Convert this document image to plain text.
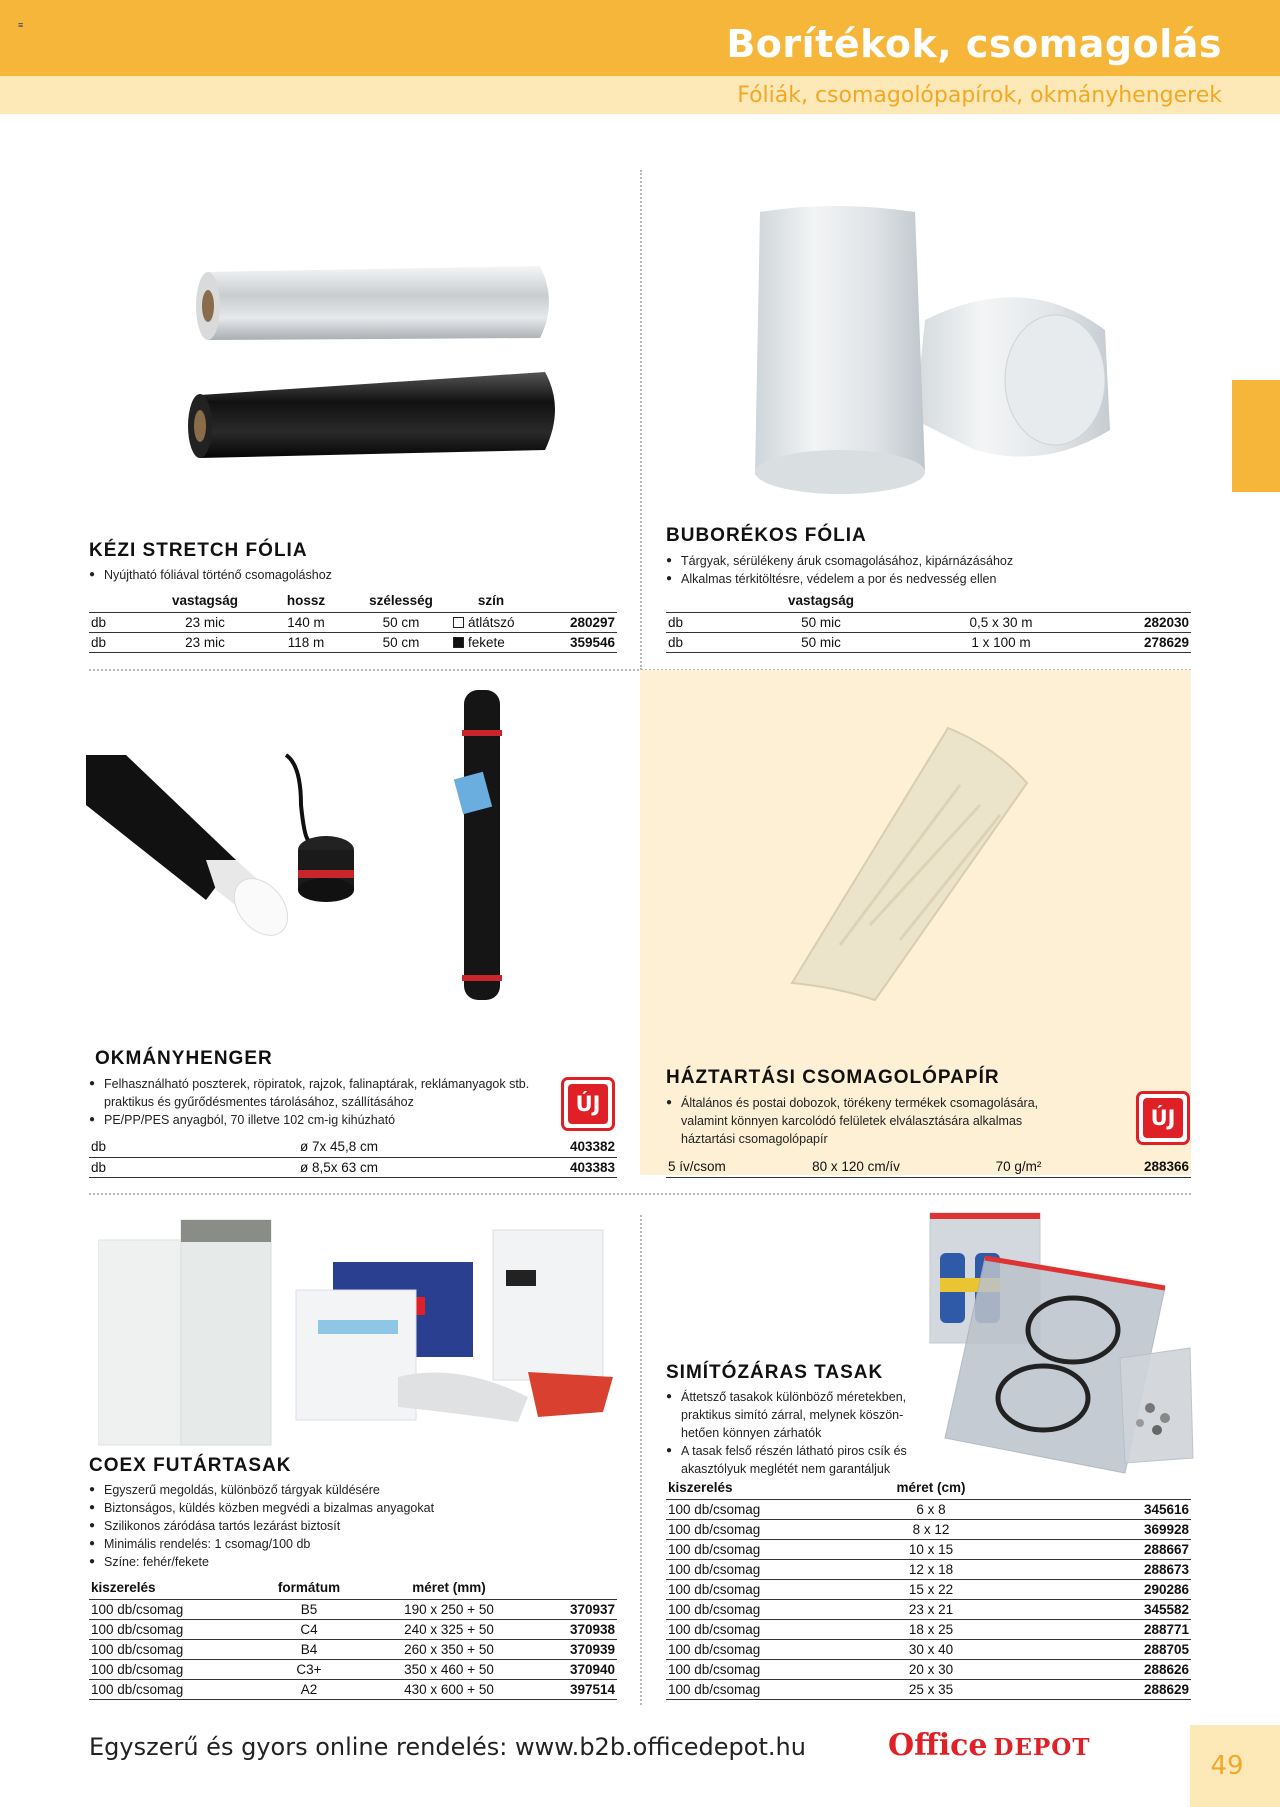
≡	Borítékok, csomagolás
Fóliák, csomagolópapírok, okmányhengerek
KÉZI STRETCH FÓLIA
● Nyújtható fóliával történő csomagoláshoz
	vastagság	hossz	szélesség	szín	
db	23 mic	140 m	50 cm	átlátszó	280297
db	23 mic	118 m	50 cm	fekete	359546
BUBORÉKOS FÓLIA
● Tárgyak, sérülékeny áruk csomagolásához, kipárnázásához
● Alkalmas térkitöltésre, védelem a por és nedvesség ellen
	vastagság		
db	50 mic	0,5 x 30 m	282030
db	50 mic	1 x 100 m	278629
OKMÁNYHENGER
● Felhasználható poszterek, röpiratok, rajzok, falinaptárak, reklámanyagok stb. praktikus és gyűrődésmentes tárolásához, szállításához
● PE/PP/PES anyagból, 70 illetve 102 cm-ig kihúzható
ÚJ
db	ø 7x 45,8 cm		403382
db	ø 8,5x 63 cm		403383
HÁZTARTÁSI CSOMAGOLÓPAPÍR
● Általános és postai dobozok, törékeny termékek csomagolására, valamint könnyen karcolódó felületek elválasztására alkalmas háztartási csomagolópapír
ÚJ
5 ív/csom	80 x 120 cm/ív	70 g/m²	288366
COEX FUTÁRTASAK
● Egyszerű megoldás, különböző tárgyak küldésére
● Biztonságos, küldés közben megvédi a bizalmas anyagokat
● Szilikonos záródása tartós lezárást biztosít
● Minimális rendelés: 1 csomag/100 db
● Színe: fehér/fekete
kiszerelés	formátum	méret (mm)	
100 db/csomag	B5	190 x 250 + 50	370937
100 db/csomag	C4	240 x 325 + 50	370938
100 db/csomag	B4	260 x 350 + 50	370939
100 db/csomag	C3+	350 x 460 + 50	370940
100 db/csomag	A2	430 x 600 + 50	397514
SIMÍTÓZÁRAS TASAK
● Áttetsző tasakok különböző méretekben, praktikus simító zárral, melynek köszön-hetően könnyen zárhatók
● A tasak felső részén látható piros csík és akasztólyuk meglétét nem garantáljuk
kiszerelés	méret (cm)		
100 db/csomag	6 x 8		345616
100 db/csomag	8 x 12		369928
100 db/csomag	10 x 15		288667
100 db/csomag	12 x 18		288673
100 db/csomag	15 x 22		290286
100 db/csomag	23 x 21		345582
100 db/csomag	18 x 25		288771
100 db/csomag	30 x 40		288705
100 db/csomag	20 x 30		288626
100 db/csomag	25 x 35		288629
Egyszerű és gyors online rendelés: www.b2b.officedepot.hu	Office DEPOT
49
